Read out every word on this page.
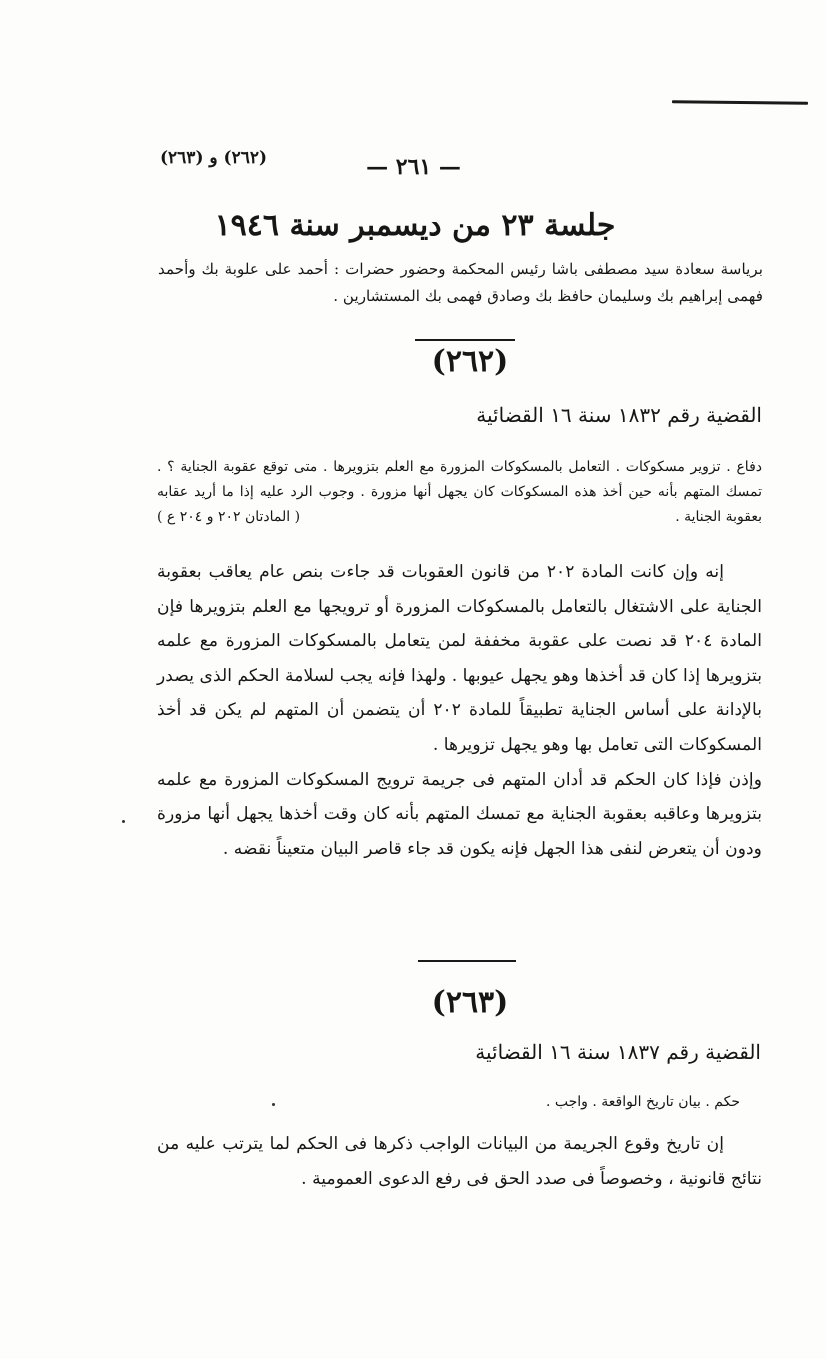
(٢٦٢) و (٢٦٣)	— ٢٦١ —
جلسة ٢٣ من ديسمبر سنة ١٩٤٦
برياسة سعادة سيد مصطفى باشا رئيس المحكمة وحضور حضرات : أحمد على علوبة بك وأحمد فهمى إبراهيم بك وسليمان حافظ بك وصادق فهمى بك المستشارين .
(٢٦٢)
القضية رقم ١٨٣٢ سنة ١٦ القضائية
دفاع . تزوير مسكوكات . التعامل بالمسكوكات المزورة مع العلم بتزويرها . متى توقع عقوبة الجناية ؟ . تمسك المتهم بأنه حين أخذ هذه المسكوكات كان يجهل أنها مزورة . وجوب الرد عليه إذا ما أريد عقابه بعقوبة الجناية .
( المادتان ٢٠٢ و ٢٠٤ ع )

إنه وإن كانت المادة ٢٠٢ من قانون العقوبات قد جاءت بنص عام يعاقب بعقوبة الجناية على الاشتغال بالتعامل بالمسكوكات المزورة أو ترويجها مع العلم بتزويرها فإن المادة ٢٠٤ قد نصت على عقوبة مخففة لمن يتعامل بالمسكوكات المزورة مع علمه بتزويرها إذا كان قد أخذها وهو يجهل عيوبها . ولهذا فإنه يجب لسلامة الحكم الذى يصدر بالإدانة على أساس الجناية تطبيقاً للمادة ٢٠٢ أن يتضمن أن المتهم لم يكن قد أخذ المسكوكات التى تعامل بها وهو يجهل تزويرها .

وإذن فإذا كان الحكم قد أدان المتهم فى جريمة ترويج المسكوكات المزورة مع علمه بتزويرها وعاقبه بعقوبة الجناية مع تمسك المتهم بأنه كان وقت أخذها يجهل أنها مزورة ودون أن يتعرض لنفى هذا الجهل فإنه يكون قد جاء قاصر البيان متعيناً نقضه .

(٢٦٣)
القضية رقم ١٨٣٧ سنة ١٦ القضائية
حكم . بيان تاريخ الواقعة . واجب .

إن تاريخ وقوع الجريمة من البيانات الواجب ذكرها فى الحكم لما يترتب عليه من نتائج قانونية ، وخصوصاً فى صدد الحق فى رفع الدعوى العمومية .
